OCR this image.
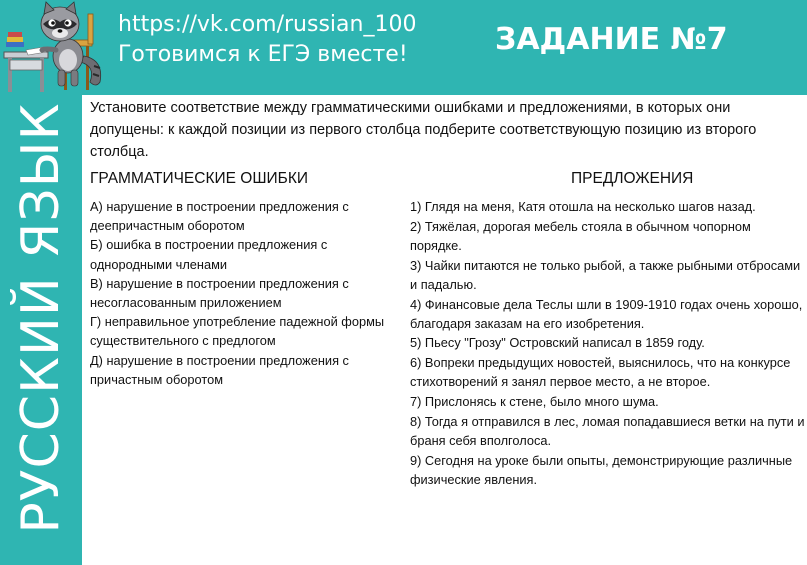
https://vk.com/russian_100
Готовимся к ЕГЭ вместе!	ЗАДАНИЕ №7
РУССКИЙ ЯЗЫК Установите соответствие между грамматическими ошибками и предложениями, в которых они допущены: к каждой позиции из первого столбца подберите соответствующую позицию из второго столбца.
ГРАММАТИЧЕСКИЕ ОШИБКИ	ПРЕДЛОЖЕНИЯ

А) нарушение в построении предложения с деепричастным оборотом

Б) ошибка в построении предложения с однородными членами

В) нарушение в построении предложения с несогласованным приложением

Г) неправильное употребление падежной формы существительного с предлогом

Д) нарушение в построении предложения с причастным оборотом

1) Глядя на меня, Катя отошла на несколько шагов назад.

2) Тяжёлая, дорогая мебель стояла в обычном чопорном порядке.

3) Чайки питаются не только рыбой, а также рыбными отбросами и падалью.

4) Финансовые дела Теслы шли в 1909-1910 годах очень хорошо, благодаря заказам на его изобретения.

5) Пьесу "Грозу" Островский написал в 1859 году.

6) Вопреки предыдущих новостей, выяснилось, что на конкурсе стихотворений я занял первое место, а не второе.

7) Прислонясь к стене, было много шума.

8) Тогда я отправился в лес, ломая попадавшиеся ветки на пути и браня себя вполголоса.

9) Сегодня на уроке были опыты, демонстрирующие различные физические явления.
